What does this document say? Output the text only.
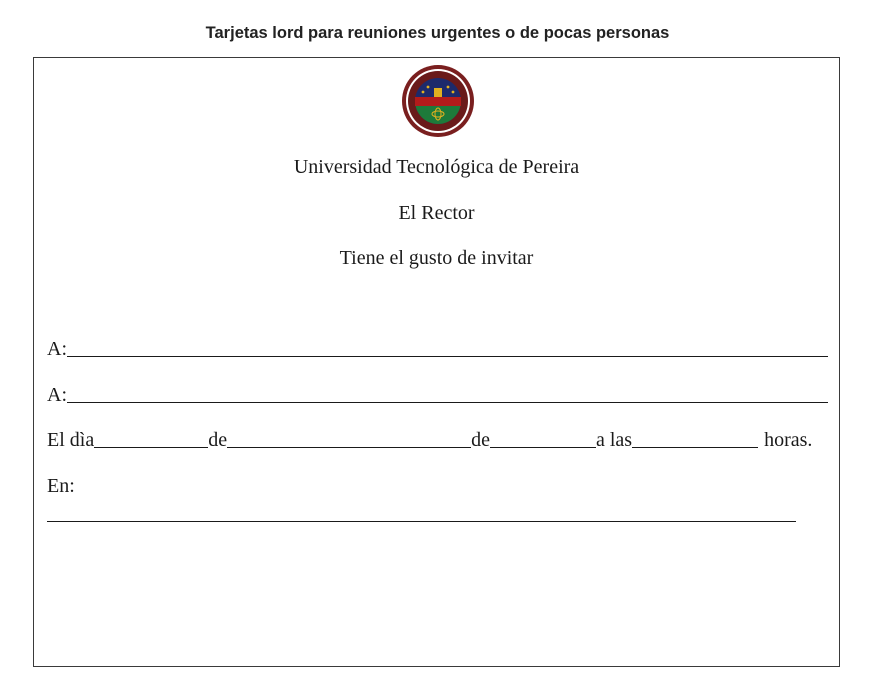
Tarjetas lord para reuniones urgentes o de pocas personas
Universidad Tecnológica de Pereira
El Rector
Tiene el gusto de invitar
A:
A:
El dìa	de	de	a las	horas.
En:
